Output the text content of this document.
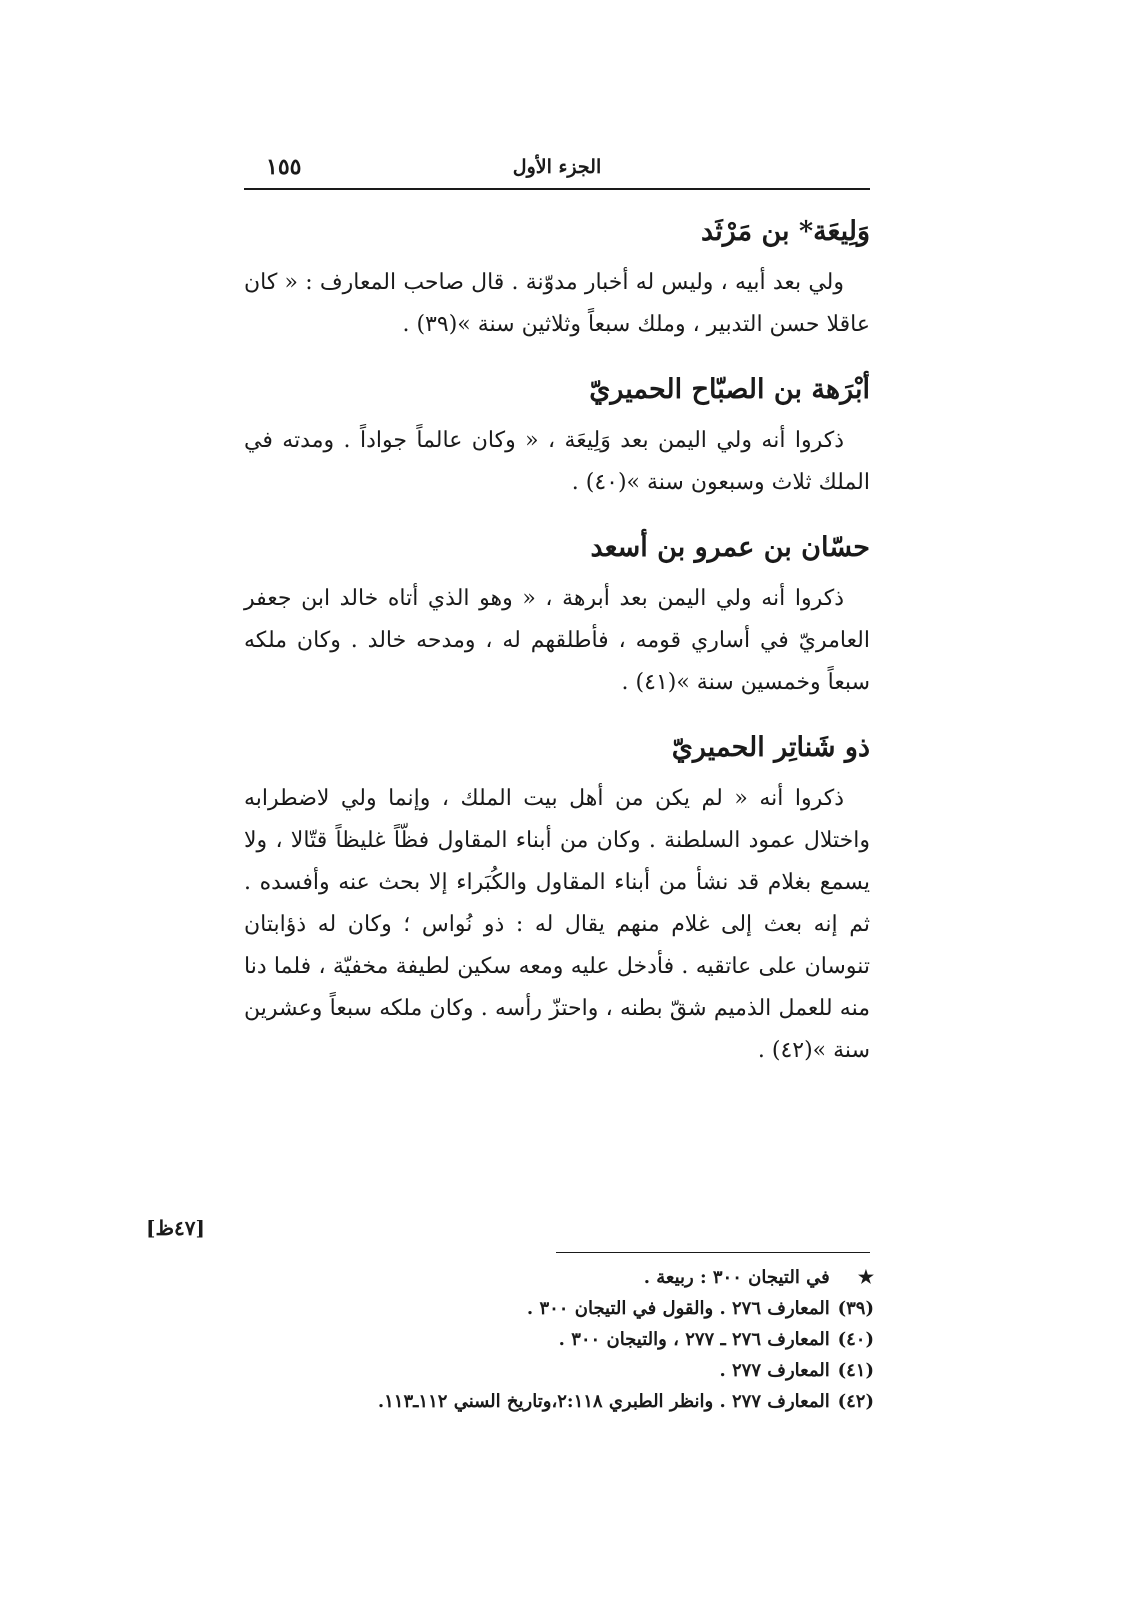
الجزء الأول
١٥٥
وَلِيعَة* بن مَرْثَد

ولي بعد أبيه ، وليس له أخبار مدوّنة . قال صاحب المعارف : « كان عاقلا حسن التدبير ، وملك سبعاً وثلاثين سنة »(٣٩) .

أبْرَهة بن الصبّاح الحميريّ

ذكروا أنه ولي اليمن بعد وَلِيعَة ، « وكان عالماً جواداً . ومدته في الملك ثلاث وسبعون سنة »(٤٠) .

حسّان بن عمرو بن أسعد

ذكروا أنه ولي اليمن بعد أبرهة ، « وهو الذي أتاه خالد ابن جعفر العامريّ في أساري قومه ، فأطلقهم له ، ومدحه خالد . وكان ملكه سبعاً وخمسين سنة »(٤١) .

ذو شَناتِر الحميريّ

ذكروا أنه « لم يكن من أهل بيت الملك ، وإنما ولي لاضطرابه واختلال عمود السلطنة . وكان من أبناء المقاول فظّاً غليظاً قتّالا ، ولا يسمع بغلام قد نشأ من أبناء المقاول والكُبَراء إلا بحث عنه وأفسده . ثم إنه بعث إلى غلام منهم يقال له : ذو نُواس ؛ وكان له ذؤابتان تنوسان على عاتقيه . فأدخل عليه ومعه سكين لطيفة مخفيّة ، فلما دنا منه للعمل الذميم شقّ بطنه ، واحتزّ رأسه . وكان ملكه سبعاً وعشرين سنة »(٤٢) .

[٤٧ظ]
★ في التيجان ٣٠٠ : ربيعة .
(٣٩) المعارف ٢٧٦ . والقول في التيجان ٣٠٠ .
(٤٠) المعارف ٢٧٦ ـ ٢٧٧ ، والتيجان ٣٠٠ .
(٤١) المعارف ٢٧٧ .
(٤٢) المعارف ٢٧٧ . وانظر الطبري ٢:١١٨،وتاريخ السني ١١٢ـ١١٣.
